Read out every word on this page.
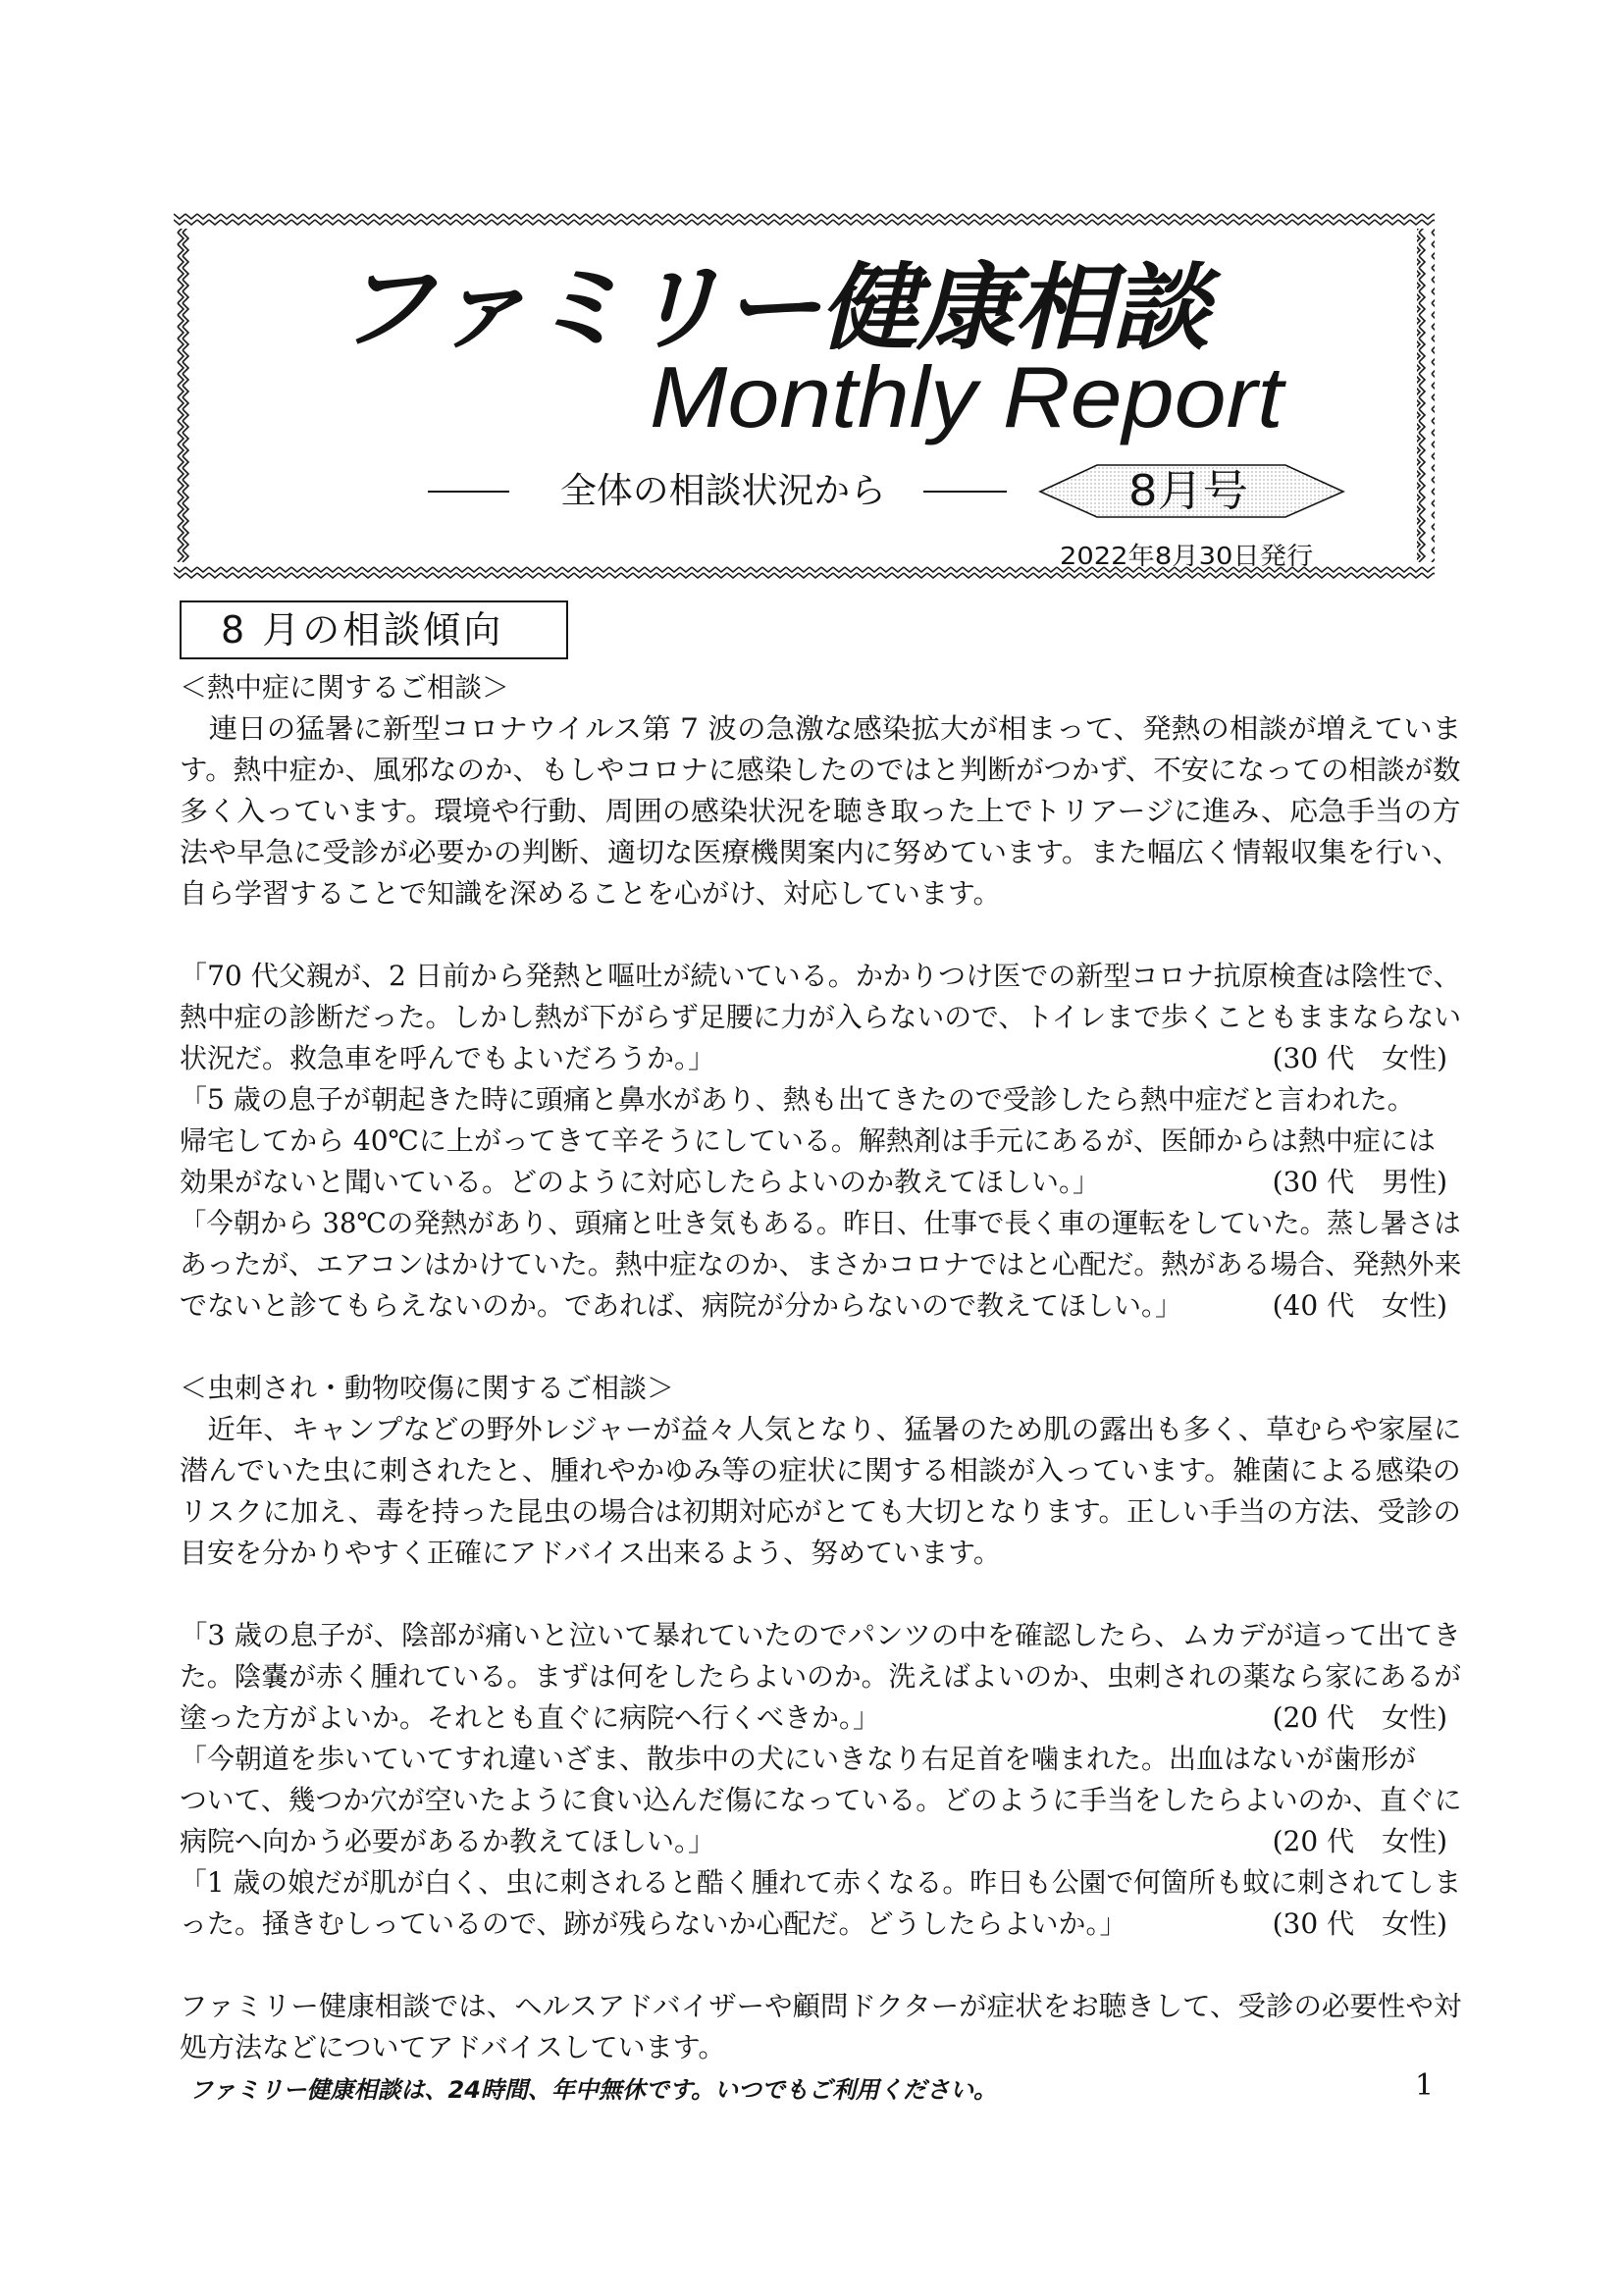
ファミリー健康相談
Monthly Report
全体の相談状況から	8月号
2022年8月30日発行
8 月の相談傾向
＜熱中症に関するご相談＞
　連日の猛暑に新型コロナウイルス第 7 波の急激な感染拡大が相まって、発熱の相談が増えていま
す。熱中症か、風邪なのか、もしやコロナに感染したのではと判断がつかず、不安になっての相談が数
多く入っています。環境や行動、周囲の感染状況を聴き取った上でトリアージに進み、応急手当の方
法や早急に受診が必要かの判断、適切な医療機関案内に努めています。また幅広く情報収集を行い、
自ら学習することで知識を深めることを心がけ、対応しています。
「70 代父親が、2 日前から発熱と嘔吐が続いている。かかりつけ医での新型コロナ抗原検査は陰性で、
熱中症の診断だった。しかし熱が下がらず足腰に力が入らないので、トイレまで歩くこともままならない
状況だ。救急車を呼んでもよいだろうか。」	(30 代　女性)
「5 歳の息子が朝起きた時に頭痛と鼻水があり、熱も出てきたので受診したら熱中症だと言われた。
帰宅してから 40℃に上がってきて辛そうにしている。解熱剤は手元にあるが、医師からは熱中症には
効果がないと聞いている。どのように対応したらよいのか教えてほしい。」	(30 代　男性)
「今朝から 38℃の発熱があり、頭痛と吐き気もある。昨日、仕事で長く車の運転をしていた。蒸し暑さは
あったが、エアコンはかけていた。熱中症なのか、まさかコロナではと心配だ。熱がある場合、発熱外来
でないと診てもらえないのか。であれば、病院が分からないので教えてほしい。」	(40 代　女性)
＜虫刺され・動物咬傷に関するご相談＞
　近年、キャンプなどの野外レジャーが益々人気となり、猛暑のため肌の露出も多く、草むらや家屋に
潜んでいた虫に刺されたと、腫れやかゆみ等の症状に関する相談が入っています。雑菌による感染の
リスクに加え、毒を持った昆虫の場合は初期対応がとても大切となります。正しい手当の方法、受診の
目安を分かりやすく正確にアドバイス出来るよう、努めています。
「3 歳の息子が、陰部が痛いと泣いて暴れていたのでパンツの中を確認したら、ムカデが這って出てき
た。陰嚢が赤く腫れている。まずは何をしたらよいのか。洗えばよいのか、虫刺されの薬なら家にあるが
塗った方がよいか。それとも直ぐに病院へ行くべきか。」	(20 代　女性)
「今朝道を歩いていてすれ違いざま、散歩中の犬にいきなり右足首を噛まれた。出血はないが歯形が
ついて、幾つか穴が空いたように食い込んだ傷になっている。どのように手当をしたらよいのか、直ぐに
病院へ向かう必要があるか教えてほしい。」	(20 代　女性)
「1 歳の娘だが肌が白く、虫に刺されると酷く腫れて赤くなる。昨日も公園で何箇所も蚊に刺されてしま
った。掻きむしっているので、跡が残らないか心配だ。どうしたらよいか。」	(30 代　女性)
ファミリー健康相談では、ヘルスアドバイザーや顧問ドクターが症状をお聴きして、受診の必要性や対
処方法などについてアドバイスしています。
ファミリー健康相談は、24時間、年中無休です。いつでもご利用ください。	1
